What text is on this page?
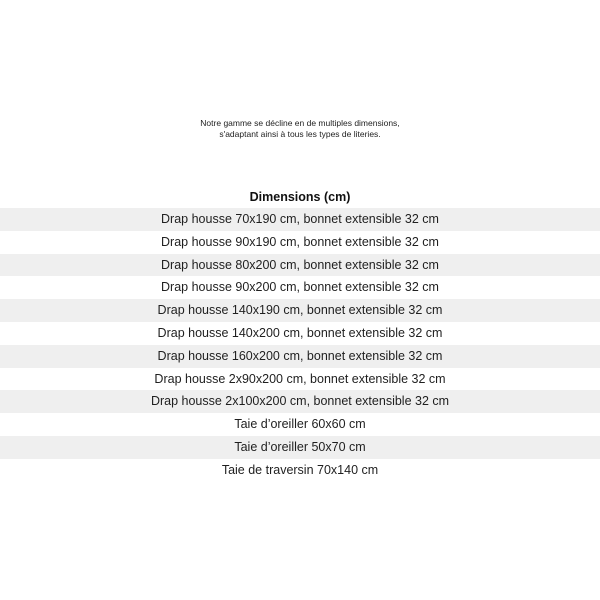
Notre gamme se décline en de multiples dimensions,
s'adaptant ainsi à tous les types de literies.
Dimensions (cm)
Drap housse 70x190 cm, bonnet extensible 32 cm
Drap housse 90x190 cm, bonnet extensible 32 cm
Drap housse 80x200 cm, bonnet extensible 32 cm
Drap housse 90x200 cm, bonnet extensible 32 cm
Drap housse 140x190 cm, bonnet extensible 32 cm
Drap housse 140x200 cm, bonnet extensible 32 cm
Drap housse 160x200 cm, bonnet extensible 32 cm
Drap housse 2x90x200 cm, bonnet extensible 32 cm
Drap housse 2x100x200 cm, bonnet extensible 32 cm
Taie d’oreiller 60x60 cm
Taie d’oreiller 50x70 cm
Taie de traversin 70x140 cm
